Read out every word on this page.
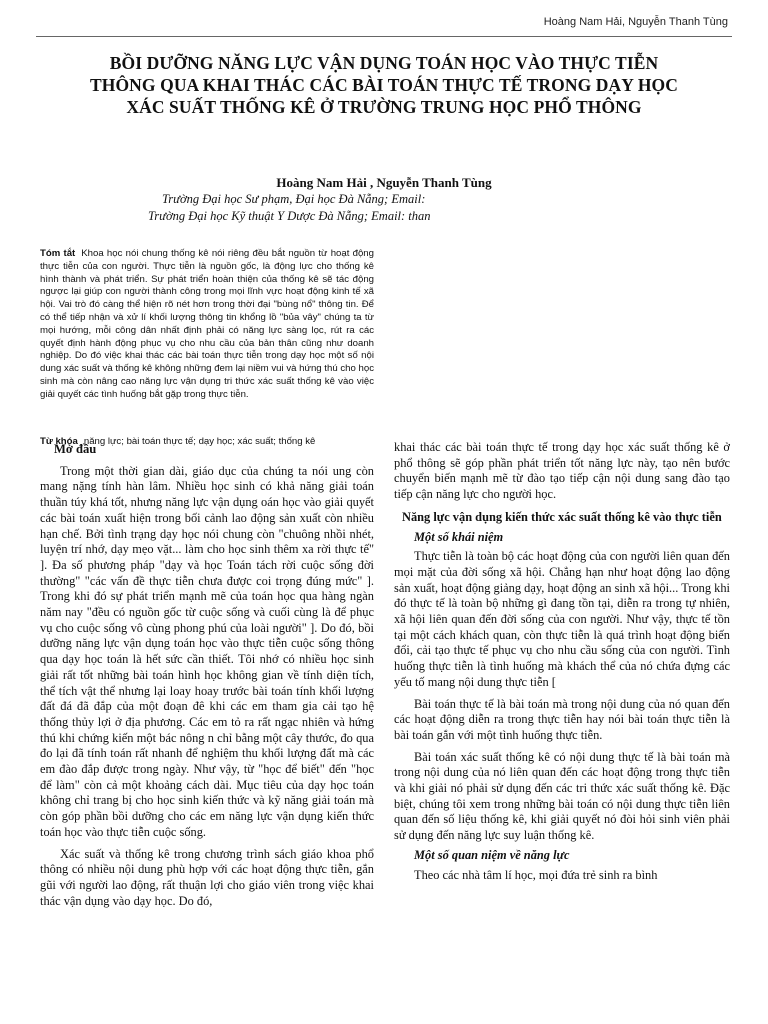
Hoàng Nam Hải, Nguyễn Thanh Tùng
BỒI DƯỠNG NĂNG LỰC VẬN DỤNG TOÁN HỌC VÀO THỰC TIỄN
THÔNG QUA KHAI THÁC CÁC BÀI TOÁN THỰC TẾ TRONG DẠY HỌC
XÁC SUẤT THỐNG KÊ Ở TRƯỜNG TRUNG HỌC PHỔ THÔNG
Hoàng Nam Hải , Nguyễn Thanh Tùng
Trường Đại học Sư phạm, Đại học Đà Nẵng; Email:
Trường Đại học Kỹ thuật Y Dược Đà Nẵng; Email: than
Tóm tắt Khoa học nói chung thống kê nói riêng đều bắt nguồn từ hoạt động thực tiễn của con người. Thực tiễn là nguồn gốc, là động lực cho thống kê hình thành và phát triển. Sự phát triển hoàn thiện của thống kê sẽ tác động ngược lại giúp con người thành công trong mọi lĩnh vực hoạt động kinh tế xã hội. Vai trò đó càng thể hiện rõ nét hơn trong thời đại "bùng nổ" thông tin. Để có thể tiếp nhận và xử lí khối lượng thông tin khổng lồ "bủa vây" chúng ta từ mọi hướng, mỗi công dân nhất định phải có năng lực sàng lọc, rút ra các quyết định hành động phục vụ cho nhu cầu của bản thân cũng như doanh nghiệp. Do đó việc khai thác các bài toán thực tiễn trong dạy học một số nội dung xác suất và thống kê không những đem lại niềm vui và hứng thú cho học sinh mà còn nâng cao năng lực vận dụng tri thức xác suất thống kê vào việc giải quyết các tình huống bắt gặp trong thực tiễn.
Từ khóa năng lực; bài toán thực tế; dạy học; xác suất; thống kê
Mở đầu

Trong một thời gian dài, giáo dục của chúng ta nói ung còn mang nặng tính hàn lâm. Nhiều học sinh có khả năng giải toán thuần túy khá tốt, nhưng năng lực vận dụng oán học vào giải quyết các bài toán xuất hiện trong bối cảnh lao động sản xuất còn nhiều hạn chế. Bởi tình trạng dạy học nói chung còn "chuông nhồi nhét, luyện trí nhớ, dạy mẹo vặt... làm cho học sinh thêm xa rời thực tế" ]. Đa số phương pháp "dạy và học Toán tách rời cuộc sống đời thường" "các vấn đề thực tiễn chưa được coi trọng đúng mức" ]. Trong khi đó sự phát triển mạnh mẽ của toán học qua hàng ngàn năm nay "đều có nguồn gốc từ cuộc sống và cuối cùng là để phục vụ cho cuộc sống vô cùng phong phú của loài người" ]. Do đó, bồi dưỡng năng lực vận dụng toán học vào thực tiễn cuộc sống thông qua dạy học toán là hết sức cần thiết. Tôi nhớ có nhiều học sinh giải rất tốt những bài toán hình học không gian về tính diện tích, thể tích vật thể nhưng lại loay hoay trước bài toán tính khối lượng đất đá đã đắp của một đoạn đê khi các em tham gia cải tạo hệ thống thủy lợi ở địa phương. Các em tỏ ra rất ngạc nhiên và hứng thú khi chứng kiến một bác nông n chỉ bằng một cây thước, đo qua đo lại đã tính toán rất nhanh để nghiệm thu khối lượng đất mà các em đào đắp được trong ngày. Như vậy, từ "học để biết" đến "học để làm" còn cả một khoảng cách dài. Mục tiêu của dạy học toán không chỉ trang bị cho học sinh kiến thức và kỹ năng giải toán mà còn góp phần bồi dưỡng cho các em năng lực vận dụng kiến thức toán học vào thực tiễn cuộc sống.

Xác suất và thống kê trong chương trình sách giáo khoa phổ thông có nhiều nội dung phù hợp với các hoạt động thực tiễn, gắn gũi với người lao động, rất thuận lợi cho giáo viên trong việc khai thác vận dụng vào dạy học. Do đó,

khai thác các bài toán thực tế trong dạy học xác suất thống kê ở phổ thông sẽ góp phần phát triển tốt năng lực này, tạo nên bước chuyển biến mạnh mẽ từ đào tạo tiếp cận nội dung sang đào tạo tiếp cận năng lực cho người học.

Năng lực vận dụng kiến thức xác suất thống kê vào thực tiễn
Một số khái niệm

Thực tiễn là toàn bộ các hoạt động của con người liên quan đến mọi mặt của đời sống xã hội. Chẳng hạn như hoạt động lao động sản xuất, hoạt động giảng dạy, hoạt động an sinh xã hội... Trong khi đó thực tế là toàn bộ những gì đang tồn tại, diễn ra trong tự nhiên, xã hội liên quan đến đời sống của con người. Như vậy, thực tế tồn tại một cách khách quan, còn thực tiễn là quá trình hoạt động biến đổi, cải tạo thực tế phục vụ cho nhu cầu sống của con người. Tình huống thực tiễn là tình huống mà khách thể của nó chứa đựng các yếu tố mang nội dung thực tiễn [

Bài toán thực tế là bài toán mà trong nội dung của nó quan đến các hoạt động diễn ra trong thực tiễn hay nói bài toán thực tiễn là bài toán gắn với một tình huống thực tiễn.

Bài toán xác suất thống kê có nội dung thực tế là bài toán mà trong nội dung của nó liên quan đến các hoạt động trong thực tiễn và khi giải nó phải sử dụng đến các tri thức xác suất thống kê. Đặc biệt, chúng tôi xem trong những bài toán có nội dung thực tiễn liên quan đến số liệu thống kê, khi giải quyết nó đòi hỏi sinh viên phải sử dụng đến năng lực suy luận thống kê.

Một số quan niệm về năng lực

Theo các nhà tâm lí học, mọi đứa trẻ sinh ra bình
